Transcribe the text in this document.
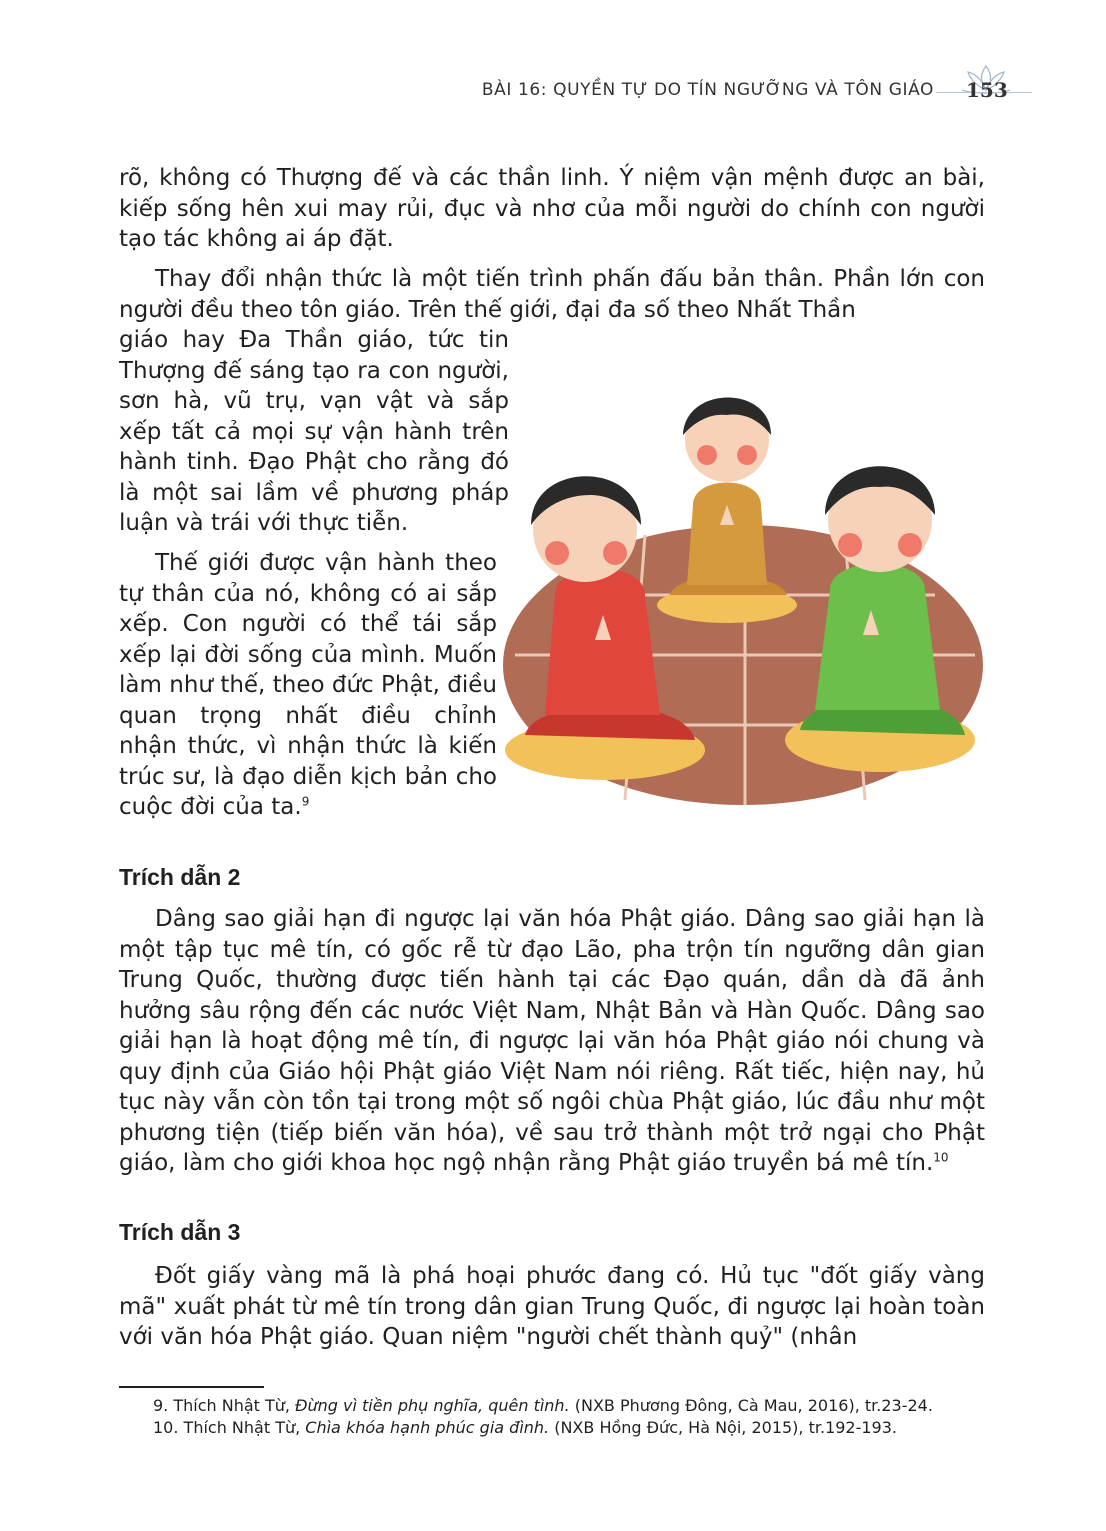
BÀI 16: QUYỀN TỰ DO TÍN NGƯỠNG VÀ TÔN GIÁO 153

rõ, không có Thượng đế và các thần linh. Ý niệm vận mệnh được an bài, kiếp sống hên xui may rủi, đục và nhơ của mỗi người do chính con người tạo tác không ai áp đặt.

Thay đổi nhận thức là một tiến trình phấn đấu bản thân. Phần lớn con người đều theo tôn giáo. Trên thế giới, đại đa số theo Nhất Thần

giáo hay Đa Thần giáo, tức tin Thượng đế sáng tạo ra con người, sơn hà, vũ trụ, vạn vật và sắp xếp tất cả mọi sự vận hành trên hành tinh. Đạo Phật cho rằng đó là một sai lầm về phương pháp luận và trái với thực tiễn.

Thế giới được vận hành theo tự thân của nó, không có ai sắp xếp. Con người có thể tái sắp xếp lại đời sống của mình. Muốn làm như thế, theo đức Phật, điều quan trọng nhất điều chỉnh nhận thức, vì nhận thức là kiến trúc sư, là đạo diễn kịch bản cho cuộc đời của ta.$^9$

Trích dẫn 2

Dâng sao giải hạn đi ngược lại văn hóa Phật giáo. Dâng sao giải hạn là một tập tục mê tín, có gốc rễ từ đạo Lão, pha trộn tín ngưỡng dân gian Trung Quốc, thường được tiến hành tại các Đạo quán, dần dà đã ảnh hưởng sâu rộng đến các nước Việt Nam, Nhật Bản và Hàn Quốc. Dâng sao giải hạn là hoạt động mê tín, đi ngược lại văn hóa Phật giáo nói chung và quy định của Giáo hội Phật giáo Việt Nam nói riêng. Rất tiếc, hiện nay, hủ tục này vẫn còn tồn tại trong một số ngôi chùa Phật giáo, lúc đầu như một phương tiện (tiếp biến văn hóa), về sau trở thành một trở ngại cho Phật giáo, làm cho giới khoa học ngộ nhận rằng Phật giáo truyền bá mê tín.$^{10}$

Trích dẫn 3

Đốt giấy vàng mã là phá hoại phước đang có. Hủ tục "đốt giấy vàng mã" xuất phát từ mê tín trong dân gian Trung Quốc, đi ngược lại hoàn toàn với văn hóa Phật giáo. Quan niệm "người chết thành quỷ" (nhân

9. Thích Nhật Từ, Đừng vì tiền phụ nghĩa, quên tình. (NXB Phương Đông, Cà Mau, 2016), tr.23-24.
10. Thích Nhật Từ, Chìa khóa hạnh phúc gia đình. (NXB Hồng Đức, Hà Nội, 2015), tr.192-193.
